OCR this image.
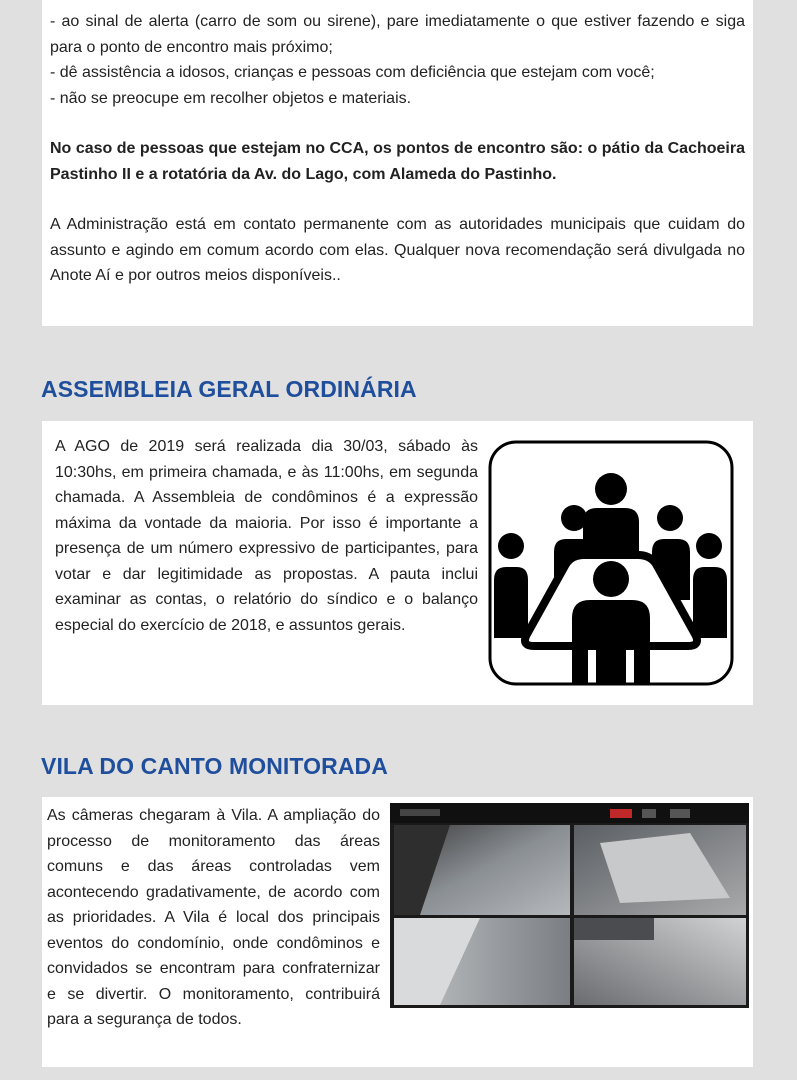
- ao sinal de alerta (carro de som ou sirene), pare imediatamente o que estiver fazendo e siga para o ponto de encontro mais próximo;

- dê assistência a idosos, crianças e pessoas com deficiência que estejam com você;

- não se preocupe em recolher objetos e materiais.

No caso de pessoas que estejam no CCA, os pontos de encontro são: o pátio da Cachoeira Pastinho II e a rotatória da Av. do Lago, com Alameda do Pastinho.

A Administração está em contato permanente com as autoridades municipais que cuidam do assunto e agindo em comum acordo com elas. Qualquer nova recomendação será divulgada no Anote Aí e por outros meios disponíveis..

ASSEMBLEIA GERAL ORDINÁRIA

A AGO de 2019 será realizada dia 30/03, sábado às 10:30hs, em primeira chamada, e às 11:00hs, em segunda chamada. A Assembleia de condôminos é a expressão máxima da vontade da maioria. Por isso é importante a presença de um número expressivo de participantes, para votar e dar legitimidade as propostas. A pauta inclui examinar as contas, o relatório do síndico e o balanço especial do exercício de 2018, e assuntos gerais.

VILA DO CANTO MONITORADA

As câmeras chegaram à Vila. A ampliação do processo de monitoramento das áreas comuns e das áreas controladas vem acontecendo gradativamente, de acordo com as prioridades. A Vila é local dos principais eventos do condomínio, onde condôminos e convidados se encontram para confraternizar e se divertir. O monitoramento, contribuirá para a segurança de todos.
